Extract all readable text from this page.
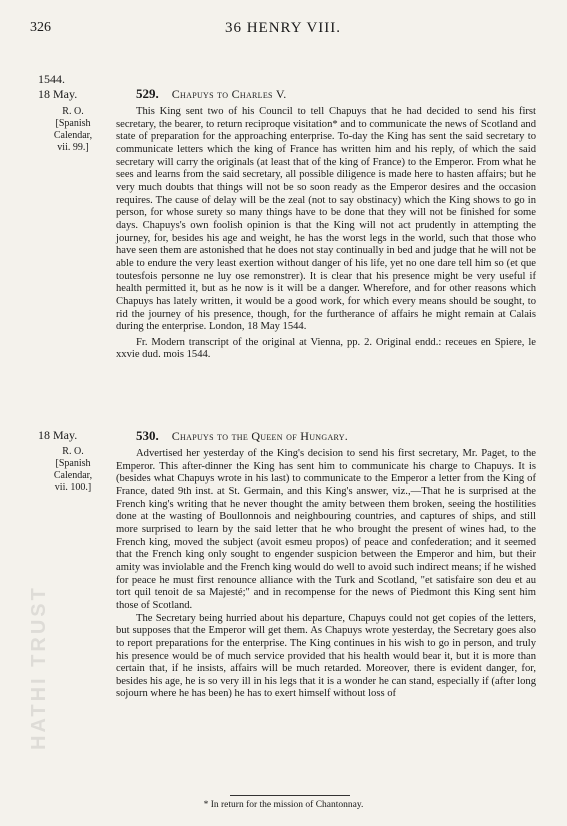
326	36 HENRY VIII.
HATHI TRUST
1544.
18 May.
R. O.
[Spanish
Calendar,
vii. 99.]
529. Chapuys to Charles V.

This King sent two of his Council to tell Chapuys that he had decided to send his first secretary, the bearer, to return reciproque visitation* and to communicate the news of Scotland and state of preparation for the approaching enterprise. To-day the King has sent the said secretary to communicate letters which the king of France has written him and his reply, of which the said secretary will carry the originals (at least that of the king of France) to the Emperor. From what he sees and learns from the said secretary, all possible diligence is made here to hasten affairs; but he very much doubts that things will not be so soon ready as the Emperor desires and the occasion requires. The cause of delay will be the zeal (not to say obstinacy) which the King shows to go in person, for whose surety so many things have to be done that they will not be finished for some days. Chapuys's own foolish opinion is that the King will not act prudently in attempting the journey, for, besides his age and weight, he has the worst legs in the world, such that those who have seen them are astonished that he does not stay continually in bed and judge that he will not be able to endure the very least exertion without danger of his life, yet no one dare tell him so (et que toutesfois personne ne luy ose remonstrer). It is clear that his presence might be very useful if health permitted it, but as he now is it will be a danger. Wherefore, and for other reasons which Chapuys has lately written, it would be a good work, for which every means should be sought, to rid the journey of his presence, though, for the furtherance of affairs he might remain at Calais during the enterprise. London, 18 May 1544.

Fr. Modern transcript of the original at Vienna, pp. 2. Original endd.: receues en Spiere, le xxvie dud. mois 1544.

18 May.
R. O.
[Spanish
Calendar,
vii. 100.]
530. Chapuys to the Queen of Hungary.

Advertised her yesterday of the King's decision to send his first secretary, Mr. Paget, to the Emperor. This after-dinner the King has sent him to communicate his charge to Chapuys. It is (besides what Chapuys wrote in his last) to communicate to the Emperor a letter from the King of France, dated 9th inst. at St. Germain, and this King's answer, viz.,—That he is surprised at the French king's writing that he never thought the amity between them broken, seeing the hostilities done at the wasting of Boullonnois and neighbouring countries, and captures of ships, and still more surprised to learn by the said letter that he who brought the present of wines had, to the French king, moved the subject (avoit esmeu propos) of peace and confederation; and it seemed that the French king only sought to engender suspicion between the Emperor and him, but their amity was inviolable and the French king would do well to avoid such indirect means; if he wished for peace he must first renounce alliance with the Turk and Scotland, "et satisfaire son deu et au tort quil tenoit de sa Majesté;" and in recompense for the news of Piedmont this King sent him those of Scotland.

The Secretary being hurried about his departure, Chapuys could not get copies of the letters, but supposes that the Emperor will get them. As Chapuys wrote yesterday, the Secretary goes also to report preparations for the enterprise. The King continues in his wish to go in person, and truly his presence would be of much service provided that his health would bear it, but it is more than certain that, if he insists, affairs will be much retarded. Moreover, there is evident danger, for, besides his age, he is so very ill in his legs that it is a wonder he can stand, especially if (after long sojourn where he has been) he has to exert himself without loss of

* In return for the mission of Chantonnay.
